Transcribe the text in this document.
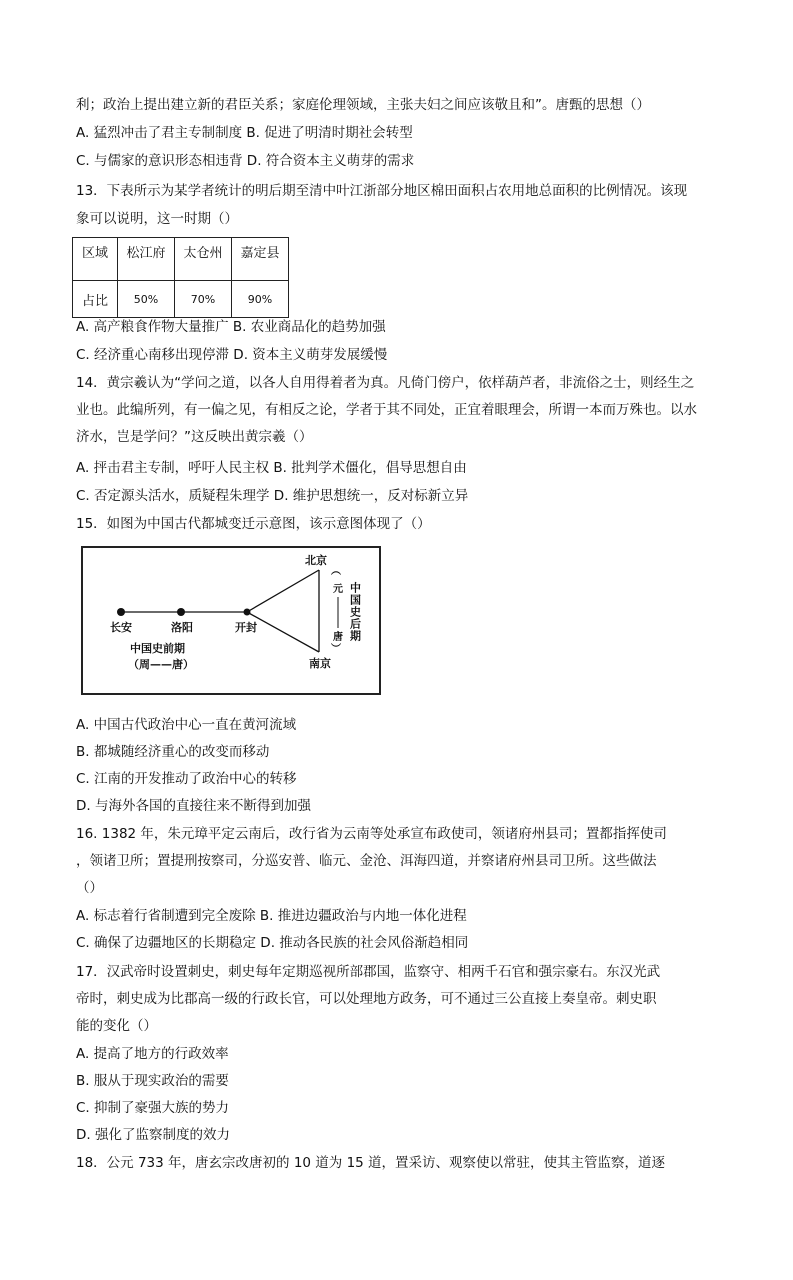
利；政治上提出建立新的君臣关系；家庭伦理领域，主张夫妇之间应该敬且和”。唐甄的思想（）
A. 猛烈冲击了君主专制制度 B. 促进了明清时期社会转型
C. 与儒家的意识形态相违背 D. 符合资本主义萌芽的需求
13．下表所示为某学者统计的明后期至清中叶江浙部分地区棉田面积占农用地总面积的比例情况。该现
象可以说明，这一时期（）
区域	松江府	太仓州	嘉定县
占比	50%	70%	90%
A. 高产粮食作物大量推广 B. 农业商品化的趋势加强
C. 经济重心南移出现停滞 D. 资本主义萌芽发展缓慢
14．黄宗羲认为“学问之道，以各人自用得着者为真。凡倚门傍户，依样葫芦者，非流俗之士，则经生之
业也。此编所列，有一偏之见，有相反之论，学者于其不同处，正宜着眼理会，所谓一本而万殊也。以水
济水，岂是学问？”这反映出黄宗羲（）
A. 抨击君主专制，呼吁人民主权 B. 批判学术僵化，倡导思想自由
C. 否定源头活水，质疑程朱理学 D. 维护思想统一，反对标新立异
15．如图为中国古代都城变迁示意图，该示意图体现了（）
长安	洛阳	开封
北京
南京
中国史前期
（周——唐）
︵
元
唐
︶
中国史后期
A. 中国古代政治中心一直在黄河流域
B. 都城随经济重心的改变而移动
C. 江南的开发推动了政治中心的转移
D. 与海外各国的直接往来不断得到加强
16. 1382 年，朱元璋平定云南后，改行省为云南等处承宣布政使司，领诸府州县司；置都指挥使司
，领诸卫所；置提刑按察司，分巡安普、临元、金沧、洱海四道，并察诸府州县司卫所。这些做法
（）
A. 标志着行省制遭到完全废除 B. 推进边疆政治与内地一体化进程
C. 确保了边疆地区的长期稳定 D. 推动各民族的社会风俗渐趋相同
17．汉武帝时设置刺史，刺史每年定期巡视所部郡国，监察守、相两千石官和强宗豪右。东汉光武
帝时，刺史成为比郡高一级的行政长官，可以处理地方政务，可不通过三公直接上奏皇帝。刺史职
能的变化（）
A. 提高了地方的行政效率
B. 服从于现实政治的需要
C. 抑制了豪强大族的势力
D. 强化了监察制度的效力
18．公元 733 年，唐玄宗改唐初的 10 道为 15 道，置采访、观察使以常驻，使其主管监察，道逐
